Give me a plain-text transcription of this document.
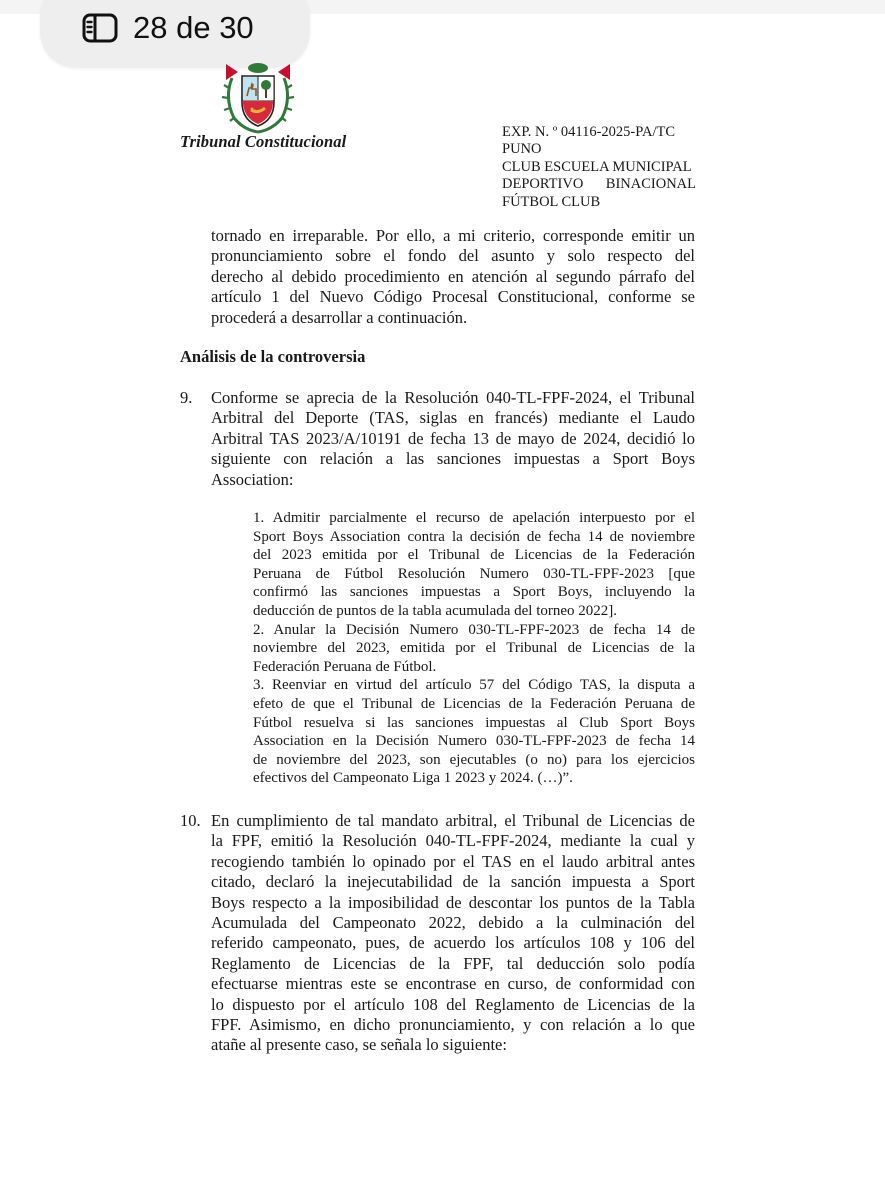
28 de 30
Tribunal Constitucional	EXP. N. º 04116-2025-PA/TC
PUNO
CLUB ESCUELA MUNICIPAL
DEPORTIVO BINACIONAL
FÚTBOL CLUB
tornado en irreparable. Por ello, a mi criterio, corresponde emitir un
pronunciamiento sobre el fondo del asunto y solo respecto del
derecho al debido procedimiento en atención al segundo párrafo del
artículo 1 del Nuevo Código Procesal Constitucional, conforme se
procederá a desarrollar a continuación.
Análisis de la controversia
9. Conforme se aprecia de la Resolución 040-TL-FPF-2024, el Tribunal
Arbitral del Deporte (TAS, siglas en francés) mediante el Laudo
Arbitral TAS 2023/A/10191 de fecha 13 de mayo de 2024, decidió lo
siguiente con relación a las sanciones impuestas a Sport Boys
Association:
1. Admitir parcialmente el recurso de apelación interpuesto por el
Sport Boys Association contra la decisión de fecha 14 de noviembre
del 2023 emitida por el Tribunal de Licencias de la Federación
Peruana de Fútbol Resolución Numero 030-TL-FPF-2023 [que
confirmó las sanciones impuestas a Sport Boys, incluyendo la
deducción de puntos de la tabla acumulada del torneo 2022].
2. Anular la Decisión Numero 030-TL-FPF-2023 de fecha 14 de
noviembre del 2023, emitida por el Tribunal de Licencias de la
Federación Peruana de Fútbol.
3. Reenviar en virtud del artículo 57 del Código TAS, la disputa a
efeto de que el Tribunal de Licencias de la Federación Peruana de
Fútbol resuelva si las sanciones impuestas al Club Sport Boys
Association en la Decisión Numero 030-TL-FPF-2023 de fecha 14
de noviembre del 2023, son ejecutables (o no) para los ejercicios
efectivos del Campeonato Liga 1 2023 y 2024. (…)”.
10. En cumplimiento de tal mandato arbitral, el Tribunal de Licencias de
la FPF, emitió la Resolución 040-TL-FPF-2024, mediante la cual y
recogiendo también lo opinado por el TAS en el laudo arbitral antes
citado, declaró la inejecutabilidad de la sanción impuesta a Sport
Boys respecto a la imposibilidad de descontar los puntos de la Tabla
Acumulada del Campeonato 2022, debido a la culminación del
referido campeonato, pues, de acuerdo los artículos 108 y 106 del
Reglamento de Licencias de la FPF, tal deducción solo podía
efectuarse mientras este se encontrase en curso, de conformidad con
lo dispuesto por el artículo 108 del Reglamento de Licencias de la
FPF. Asimismo, en dicho pronunciamiento, y con relación a lo que
atañe al presente caso, se señala lo siguiente:
